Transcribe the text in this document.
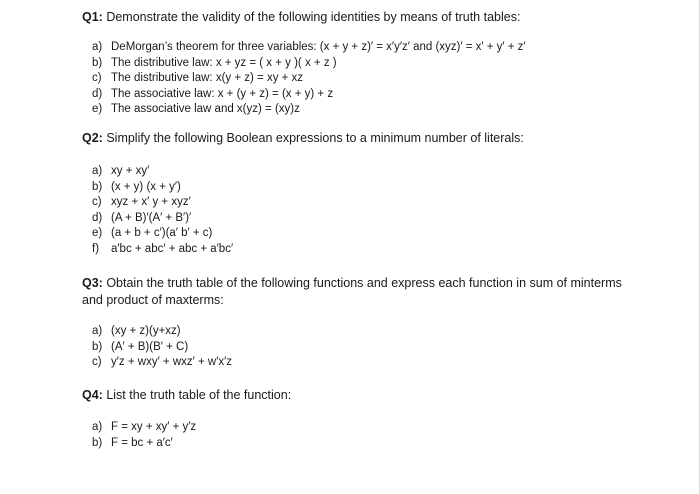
Q1: Demonstrate the validity of the following identities by means of truth tables:
a) DeMorgan’s theorem for three variables: (x + y + z)′ = x′y′z′ and (xyz)′ = x′ + y′ + z′
b) The distributive law: x + yz = ( x + y )( x + z )
c) The distributive law: x(y + z) = xy + xz
d) The associative law: x + (y + z) = (x + y) + z
e) The associative law and x(yz) = (xy)z
Q2: Simplify the following Boolean expressions to a minimum number of literals:
a) xy + xy′
b) (x + y) (x + y′)
c) xyz + x′ y + xyz′
d) (A + B)′(A′ + B′)′
e) (a + b + c′)(a′ b′ + c)
f) a′bc + abc′ + abc + a′bc′
Q3: Obtain the truth table of the following functions and express each function in sum of minterms and product of maxterms:
a) (xy + z)(y+xz)
b) (A′ + B)(B′ + C)
c) y′z + wxy′ + wxz′ + w′x′z
Q4: List the truth table of the function:
a) F = xy + xy′ + y′z
b) F = bc + a′c′
